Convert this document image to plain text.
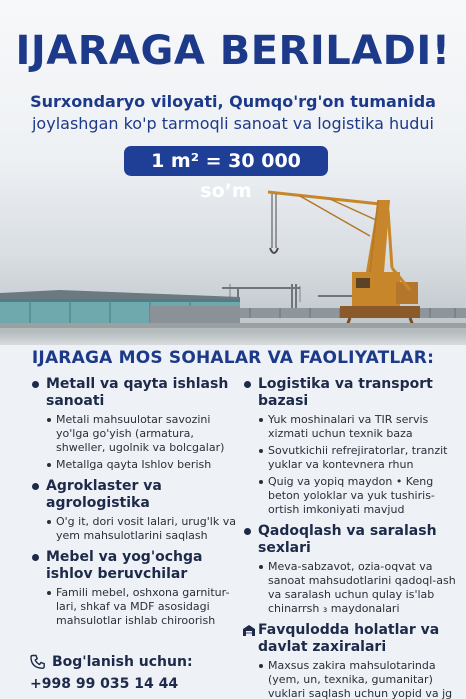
IJARAGA BERILADI!
Surxondaryo viloyati, Qumqo'rg'on tumanida
joylashgan ko'p tarmoqli sanoat va logistika hudui
1 m² = 30 000 so’m
IJARAGA MOS SOHALAR VA FAOLIYATLAR:
Metall va qayta ishlash sanoati
Metali mahsuulotar savozini yo'lga go'yish (armatura, shweller, ugolnik va bolcgalar)
Metallga qayta Ishlov berish
Agroklaster va agrologistika
O'g it, dori vosit lalari, urug'lk va yem mahsulotlarini saqlash
Mebel va yog'ochga ishlov beruvchilar
Famili mebel, oshxona garnitur-lari, shkaf va MDF asosidagi mahsulotlar ishlab chiroorish
Logistika va transport bazasi
Yuk moshinalari va TIR servis xizmati uchun texnik baza
Sovutkichii refrejiratorlar, tranzit yuklar va kontevnera rhun
Quig va yopiq maydon • Keng beton yoloklar va yuk tushiris-ortish imkoniyati mavjud
Qadoqlash va saralash sexlari
Meva-sabzavot, ozia-oqvat va sanoat mahsudotlarini qadoql-ash va saralash uchun qulay is'lab chinarrsh ₃ maydonalari
Favqulodda holatlar va davlat zaxiralari
Maxsus zakira mahsulotarinda (yem, un, texnika, gumanitar) vuklari saqlash uchun yopid va jg
Bog'lanish uchun:
+998 99 035 14 44
